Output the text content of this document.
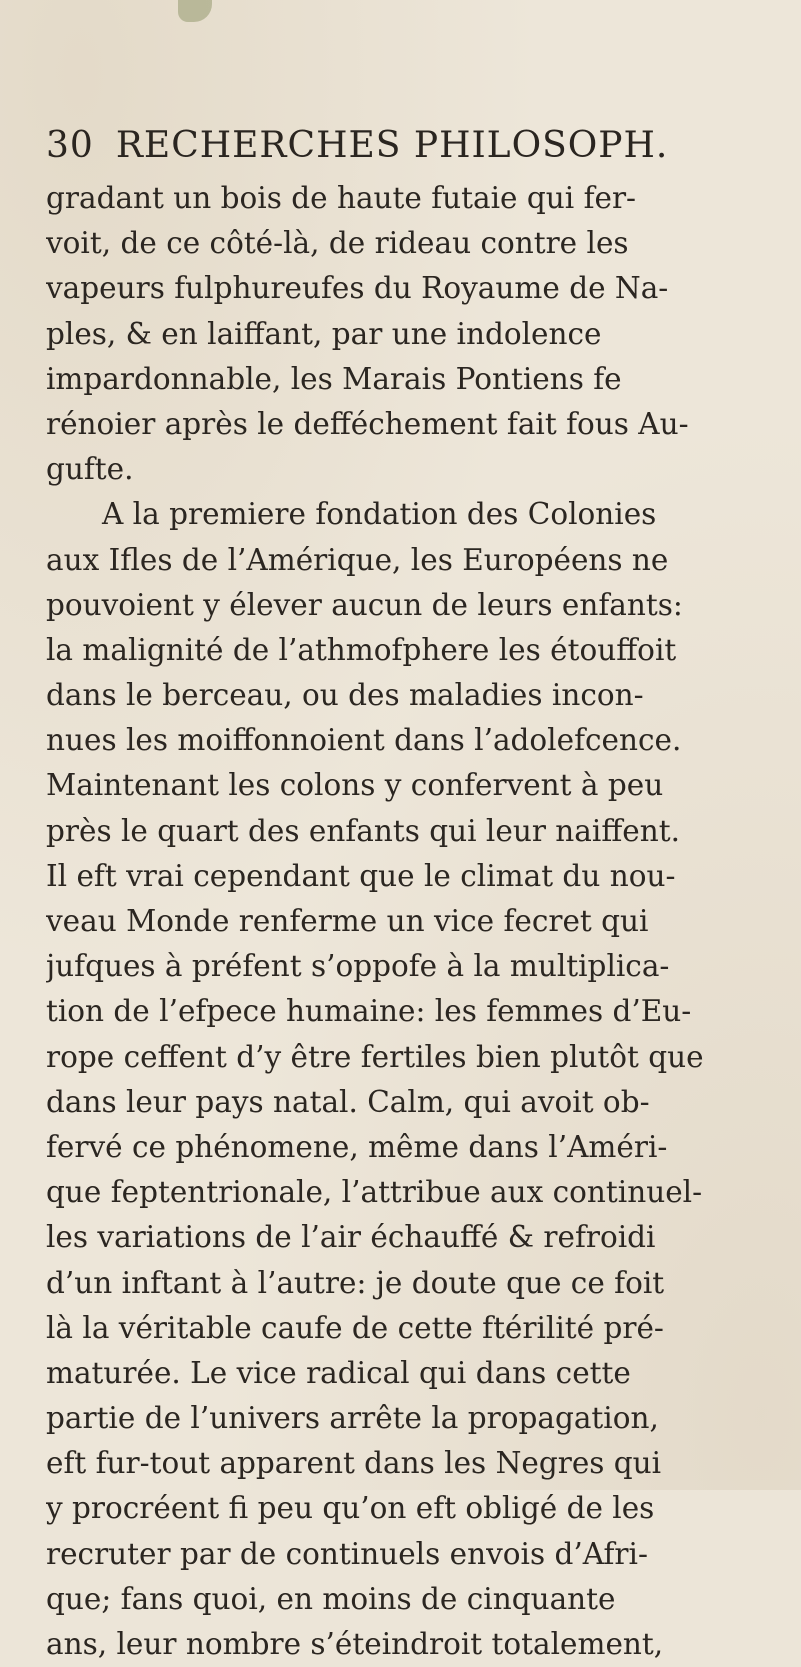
30 RECHERCHES PHILOSOPH.
gradant un bois de haute futaie qui fer-
voit, de ce côté-là, de rideau contre les
vapeurs fulphureufes du Royaume de Na-
ples, & en laiffant, par une indolence
impardonnable, les Marais Pontiens fe
rénoier après le defféchement fait fous Au-
gufte.
A la premiere fondation des Colonies
aux Ifles de l’Amérique, les Européens ne
pouvoient y élever aucun de leurs enfants:
la malignité de l’athmofphere les étouffoit
dans le berceau, ou des maladies incon-
nues les moiffonnoient dans l’adolefcence.
Maintenant les colons y confervent à peu
près le quart des enfants qui leur naiffent.
Il eft vrai cependant que le climat du nou-
veau Monde renferme un vice fecret qui
jufques à préfent s’oppofe à la multiplica-
tion de l’efpece humaine: les femmes d’Eu-
rope ceffent d’y être fertiles bien plutôt que
dans leur pays natal. Calm, qui avoit ob-
fervé ce phénomene, même dans l’Améri-
que feptentrionale, l’attribue aux continuel-
les variations de l’air échauffé & refroidi
d’un inftant à l’autre: je doute que ce foit
là la véritable caufe de cette ftérilité pré-
maturée. Le vice radical qui dans cette
partie de l’univers arrête la propagation,
eft fur-tout apparent dans les Negres qui
y procréent fi peu qu’on eft obligé de les
recruter par de continuels envois d’Afri-
que; fans quoi, en moins de cinquante
ans, leur nombre s’éteindroit totalement,
